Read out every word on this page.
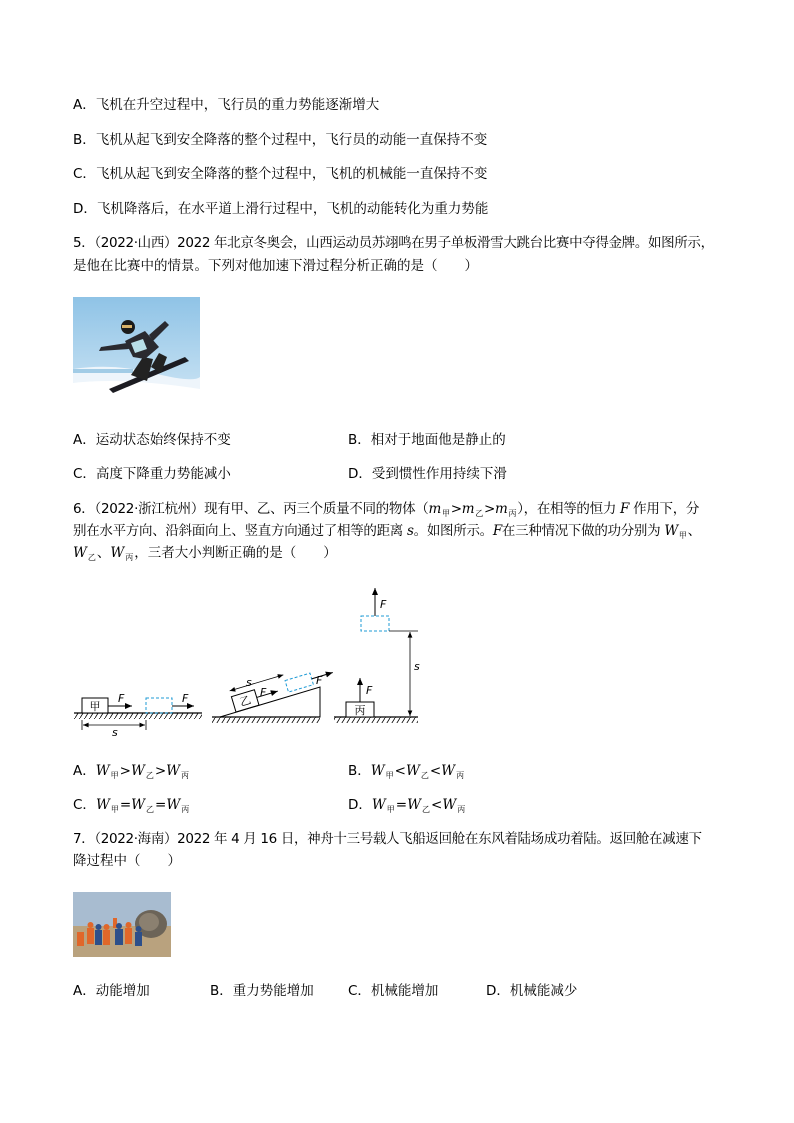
A．飞机在升空过程中，飞行员的重力势能逐渐增大
B．飞机从起飞到安全降落的整个过程中，飞行员的动能一直保持不变
C．飞机从起飞到安全降落的整个过程中，飞机的机械能一直保持不变
D．飞机降落后，在水平道上滑行过程中，飞机的动能转化为重力势能
5．（2022·山西）2022 年北京冬奥会，山西运动员苏翊鸣在男子单板滑雪大跳台比赛中夺得金牌。如图所示，
是他在比赛中的情景。下列对他加速下滑过程分析正确的是（　　）
A．运动状态始终保持不变	B．相对于地面他是静止的
C．高度下降重力势能减小	D．受到惯性作用持续下滑
6．（2022·浙江杭州）现有甲、乙、丙三个质量不同的物体$(m_甲>m_乙>m_丙)$，在相等的恒力 F 作用下，分
别在水平方向、沿斜面向上、竖直方向通过了相等的距离 s。如图所示。F在三种情况下做的功分别为 $W_甲$、
$W_乙$、$W_丙$，三者大小判断正确的是（　　）
甲
F	F
s
乙
F
F
s
丙
F
F
s
A．$W_甲>W_乙>W_丙$	B．$W_甲<W_乙<W_丙$
C．$W_甲=W_乙=W_丙$	D．$W_甲=W_乙<W_丙$
7．（2022·海南）2022 年 4 月 16 日，神舟十三号载人飞船返回舱在东风着陆场成功着陆。返回舱在减速下
降过程中（　　）
A．动能增加	B．重力势能增加	C．机械能增加	D．机械能减少
